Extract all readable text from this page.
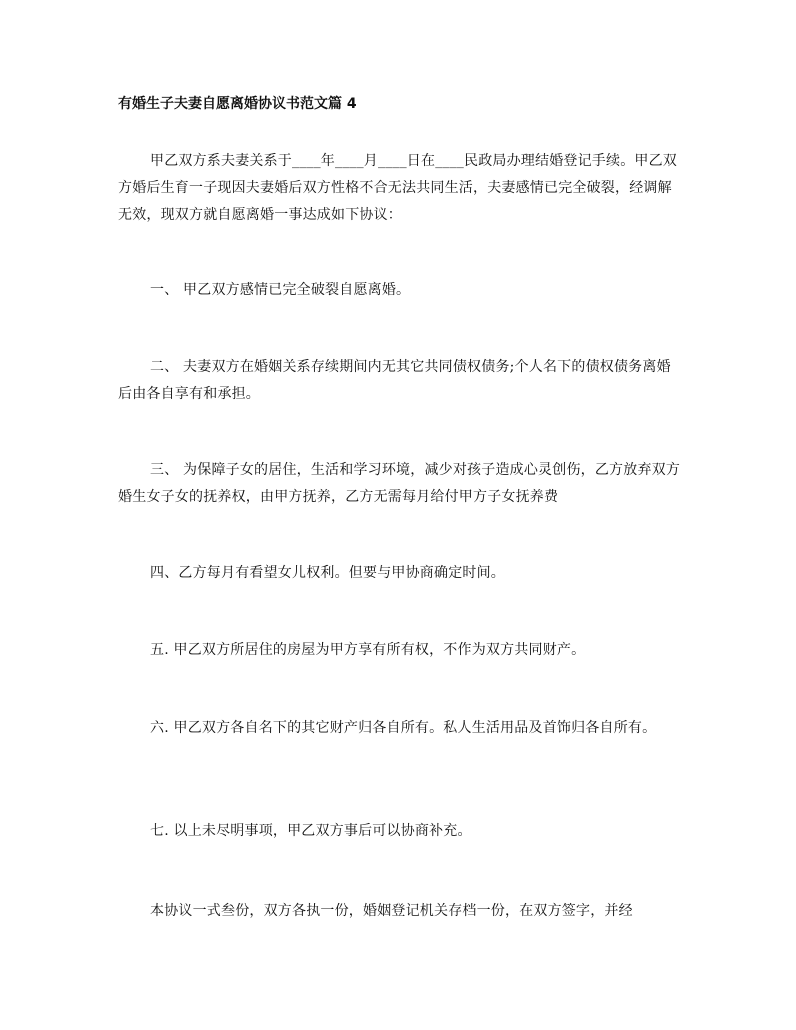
有婚生子夫妻自愿离婚协议书范文篇 4

甲乙双方系夫妻关系于____年____月____日在____民政局办理结婚登记手续。甲乙双方婚后生育一子现因夫妻婚后双方性格不合无法共同生活，夫妻感情已完全破裂，经调解无效，现双方就自愿离婚一事达成如下协议：

一、 甲乙双方感情已完全破裂自愿离婚。

二、 夫妻双方在婚姻关系存续期间内无其它共同债权债务;个人名下的债权债务离婚后由各自享有和承担。

三、 为保障子女的居住，生活和学习环境，减少对孩子造成心灵创伤，乙方放弃双方婚生女子女的抚养权，由甲方抚养，乙方无需每月给付甲方子女抚养费

四、乙方每月有看望女儿权利。但要与甲协商确定时间。

五. 甲乙双方所居住的房屋为甲方享有所有权，不作为双方共同财产。

六. 甲乙双方各自名下的其它财产归各自所有。私人生活用品及首饰归各自所有。

七. 以上未尽明事项，甲乙双方事后可以协商补充。

本协议一式叁份，双方各执一份，婚姻登记机关存档一份，在双方签字，并经
